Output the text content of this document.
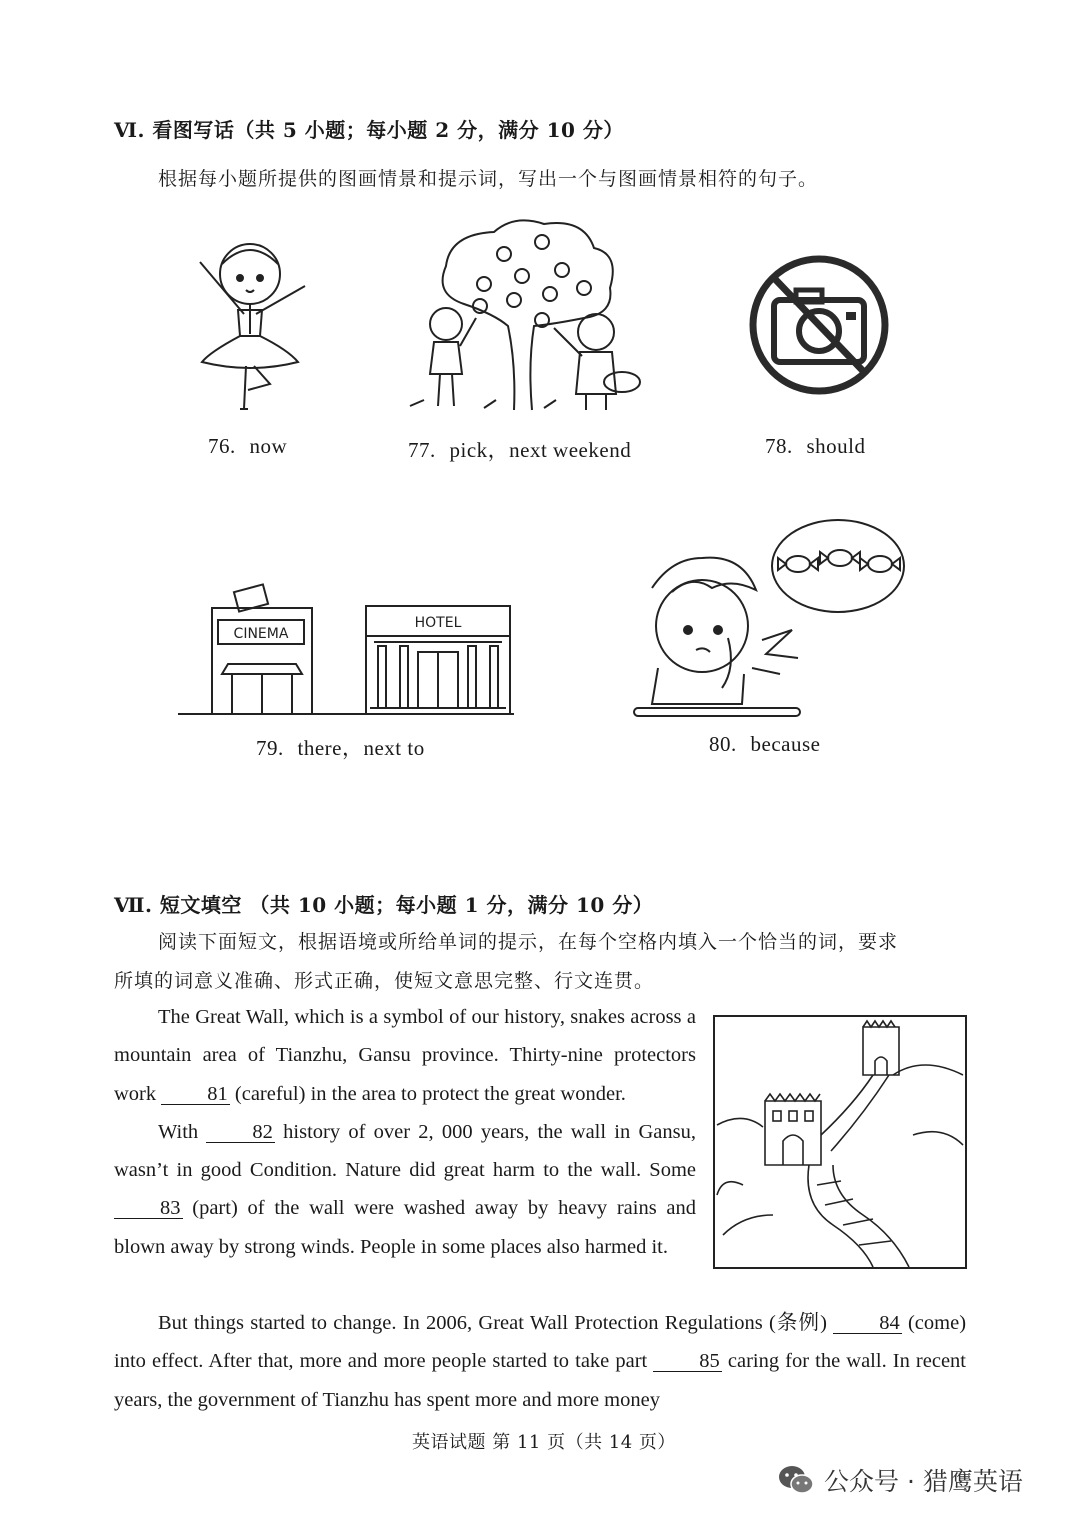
Ⅵ. 看图写话（共 5 小题；每小题 2 分，满分 10 分）
根据每小题所提供的图画情景和提示词，写出一个与图画情景相符的句子。
76. now	77. pick，next weekend	78. should
CINEMA
HOTEL
79. there，next to	80. because
Ⅶ. 短文填空 （共 10 小题；每小题 1 分，满分 10 分）
阅读下面短文，根据语境或所给单词的提示，在每个空格内填入一个恰当的词，要求
所填的词意义准确、形式正确，使短文意思完整、行文连贯。

The Great Wall, which is a symbol of our history, snakes across a mountain area of Tianzhu, Gansu province. Thirty-nine protectors work 81 (careful) in the area to protect the great wonder.

With	82 history of over 2, 000 years, the wall in Gansu, wasn’t in good Condition. Nature did great harm to the wall. Some 83 (part) of the wall were washed away by heavy rains and blown away by strong winds. People in some places also harmed it.

But things started to change. In 2006, Great Wall Protection Regulations (条例)	84 (come) into effect. After that, more and more people started to take part	85 caring for the wall. In recent years, the government of Tianzhu has spent more and more money

英语试题 第 11 页（共 14 页）
公众号 · 猎鹰英语
